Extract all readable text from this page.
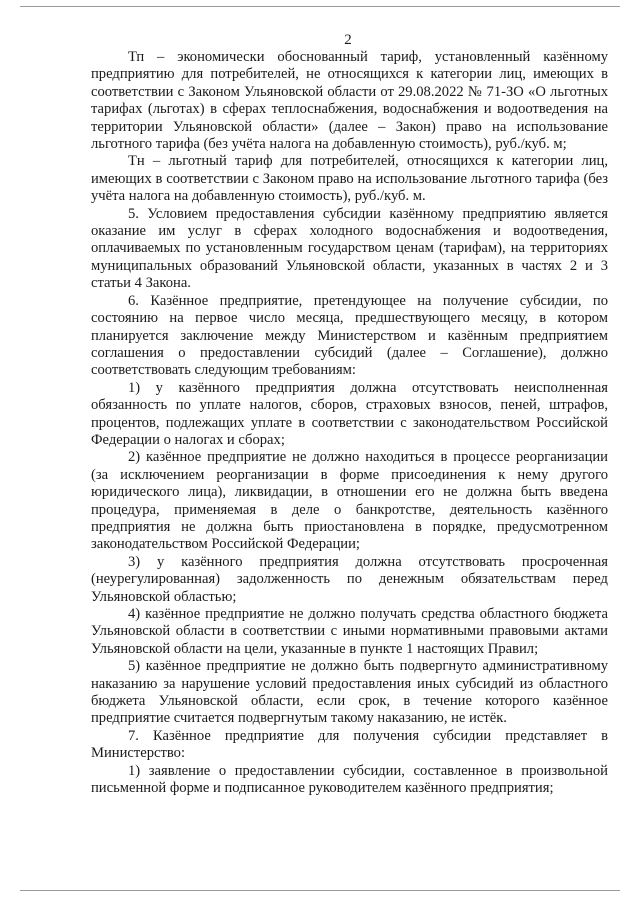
2

Тп – экономически обоснованный тариф, установленный казённому предприятию для потребителей, не относящихся к категории лиц, имеющих в соответствии с Законом Ульяновской области от 29.08.2022 № 71-ЗО «О льготных тарифах (льготах) в сферах теплоснабжения, водоснабжения и водоотведения на территории Ульяновской области» (далее – Закон) право на использование льготного тарифа (без учёта налога на добавленную стоимость), руб./куб. м;

Тн – льготный тариф для потребителей, относящихся к категории лиц, имеющих в соответствии с Законом право на использование льготного тарифа (без учёта налога на добавленную стоимость), руб./куб. м.

5. Условием предоставления субсидии казённому предприятию является оказание им услуг в сферах холодного водоснабжения и водоотведения, оплачиваемых по установленным государством ценам (тарифам), на территориях муниципальных образований Ульяновской области, указанных в частях 2 и 3 статьи 4 Закона.

6. Казённое предприятие, претендующее на получение субсидии, по состоянию на первое число месяца, предшествующего месяцу, в котором планируется заключение между Министерством и казённым предприятием соглашения о предоставлении субсидий (далее – Соглашение), должно соответствовать следующим требованиям:

1) у казённого предприятия должна отсутствовать неисполненная обязанность по уплате налогов, сборов, страховых взносов, пеней, штрафов, процентов, подлежащих уплате в соответствии с законодательством Российской Федерации о налогах и сборах;

2) казённое предприятие не должно находиться в процессе реорганизации (за исключением реорганизации в форме присоединения к нему другого юридического лица), ликвидации, в отношении его не должна быть введена процедура, применяемая в деле о банкротстве, деятельность казённого предприятия не должна быть приостановлена в порядке, предусмотренном законодательством Российской Федерации;

3) у казённого предприятия должна отсутствовать просроченная (неурегулированная) задолженность по денежным обязательствам перед Ульяновской областью;

4) казённое предприятие не должно получать средства областного бюджета Ульяновской области в соответствии с иными нормативными правовыми актами Ульяновской области на цели, указанные в пункте 1 настоящих Правил;

5) казённое предприятие не должно быть подвергнуто административному наказанию за нарушение условий предоставления иных субсидий из областного бюджета Ульяновской области, если срок, в течение которого казённое предприятие считается подвергнутым такому наказанию, не истёк.

7. Казённое предприятие для получения субсидии представляет в Министерство:

1) заявление о предоставлении субсидии, составленное в произвольной письменной форме и подписанное руководителем казённого предприятия;
